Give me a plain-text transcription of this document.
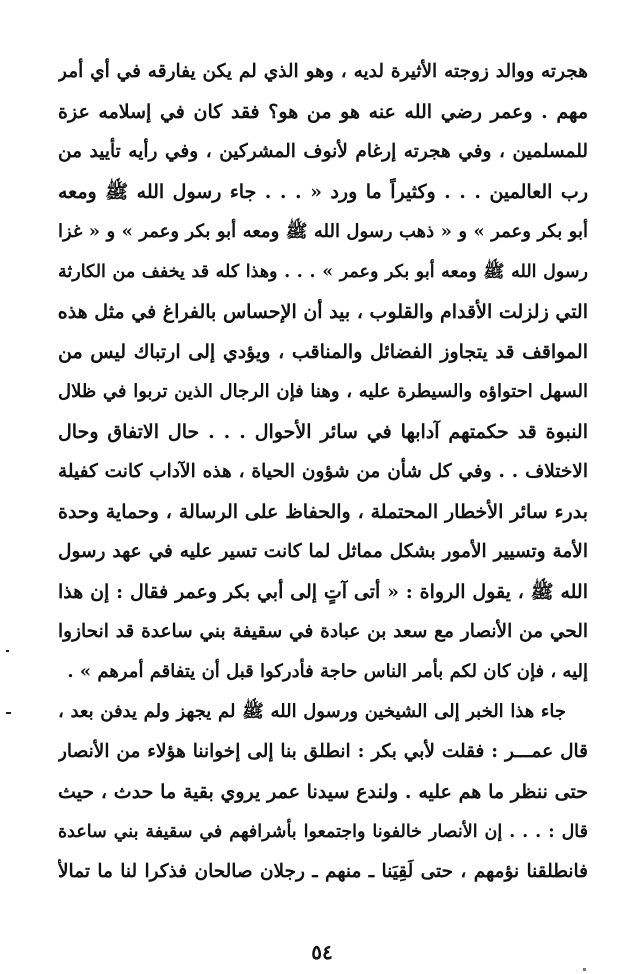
هجرته ووالد زوجته الأثيرة لديه ، وهو الذي لم يكن يفارقه في أي أمر
مهم . وعمر رضي الله عنه هو من هو؟ فقد كان في إسلامه عزة
للمسلمين ، وفي هجرته إرغام لأنوف المشركين ، وفي رأيه تأييد من
رب العالمين . . . وكثيراً ما ورد « . . . جاء رسول الله ﷺ ومعه
أبو بكر وعمر » و « ذهب رسول الله ﷺ ومعه أبو بكر وعمر » و « غزا
رسول الله ﷺ ومعه أبو بكر وعمر » . . . وهذا كله قد يخفف من الكارثة
التي زلزلت الأقدام والقلوب ، بيد أن الإحساس بالفراغ في مثل هذه
المواقف قد يتجاوز الفضائل والمناقب ، ويؤدي إلى ارتباك ليس من
السهل احتواؤه والسيطرة عليه ، وهنا فإن الرجال الذين تربوا في ظلال
النبوة قد حكمتهم آدابها في سائر الأحوال . . . حال الاتفاق وحال
الاختلاف . . وفي كل شأن من شؤون الحياة ، هذه الآداب كانت كفيلة
بدرء سائر الأخطار المحتملة ، والحفاظ على الرسالة ، وحماية وحدة
الأمة وتسيير الأمور بشكل مماثل لما كانت تسير عليه في عهد رسول
الله ﷺ ، يقول الرواة : « أتى آتٍ إلى أبي بكر وعمر فقال : إن هذا
الحي من الأنصار مع سعد بن عبادة في سقيفة بني ساعدة قد انحازوا
إليه ، فإن كان لكم بأمر الناس حاجة فأدركوا قبل أن يتفاقم أمرهم » .
جاء هذا الخبر إلى الشيخين ورسول الله ﷺ لم يجهز ولم يدفن بعد ،
قال عمـــر : فقلت لأبي بكر : انطلق بنا إلى إخواننا هؤلاء من الأنصار
حتى ننظر ما هم عليه . ولندع سيدنا عمر يروي بقية ما حدث ، حيث
قال : . . . إن الأنصار خالفونا واجتمعوا بأشرافهم في سقيفة بني ساعدة
فانطلقنا نؤمهم ، حتى لَقِيَنا ـ منهم ـ رجلان صالحان فذكرا لنا ما تمالأ
٥٤
